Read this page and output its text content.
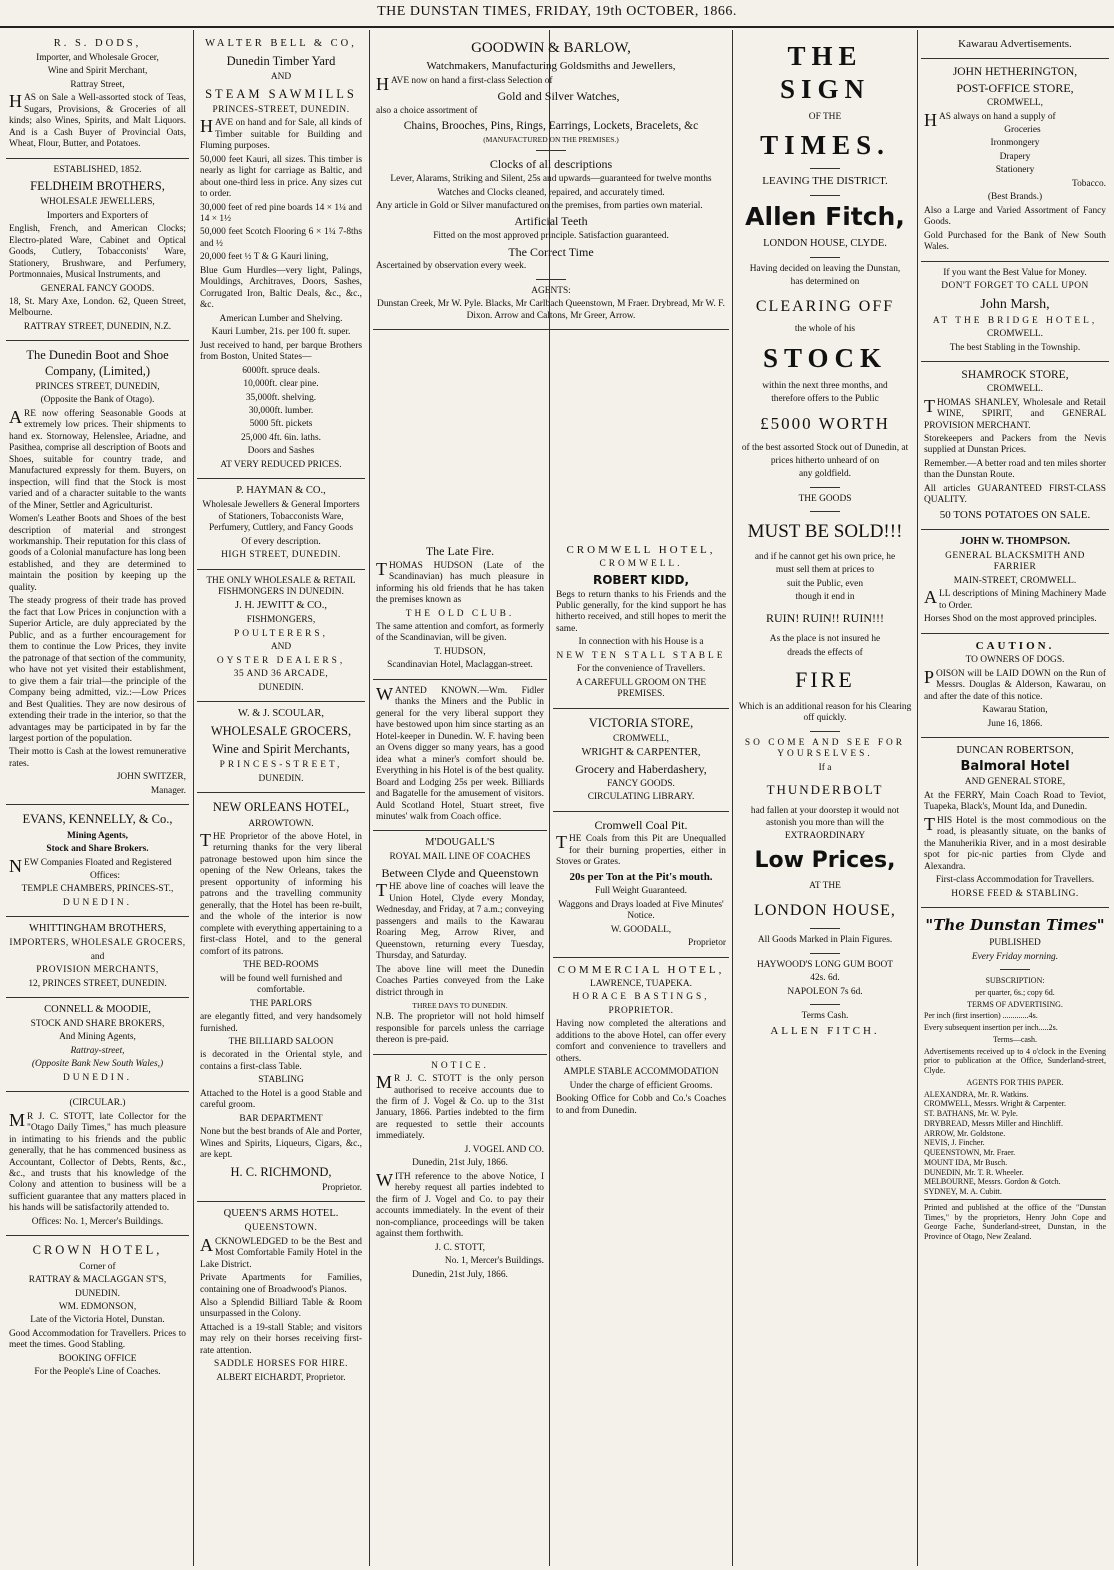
THE DUNSTAN TIMES, FRIDAY, 19th OCTOBER, 1866.
R. S. DODS,

Importer, and Wholesale Grocer,

Wine and Spirit Merchant,

Rattray Street,

HAS on Sale a Well-assorted stock of Teas, Sugars, Provisions, & Groceries of all kinds; also Wines, Spirits, and Malt Liquors. And is a Cash Buyer of Provincial Oats, Wheat, Flour, Butter, and Potatoes.

ESTABLISHED, 1852.

FELDHEIM BROTHERS,

WHOLESALE JEWELLERS,

Importers and Exporters of

English, French, and American Clocks; Electro-plated Ware, Cabinet and Optical Goods, Cutlery, Tobacconists' Ware, Stationery, Brushware, and Perfumery, Portmonnaies, Musical Instruments, and

GENERAL FANCY GOODS.

18, St. Mary Axe, London. 62, Queen Street, Melbourne.

RATTRAY STREET, DUNEDIN, N.Z.

The Dunedin Boot and Shoe Company, (Limited,)

PRINCES STREET, DUNEDIN,

(Opposite the Bank of Otago).

ARE now offering Seasonable Goods at extremely low prices. Their shipments to hand ex. Stornoway, Helenslee, Ariadne, and Pasithea, comprise all description of Boots and Shoes, suitable for country trade, and Manufactured expressly for them. Buyers, on inspection, will find that the Stock is most varied and of a character suitable to the wants of the Miner, Settler and Agriculturist.

Women's Leather Boots and Shoes of the best description of material and strongest workmanship. Their reputation for this class of goods of a Colonial manufacture has long been established, and they are determined to maintain the position by keeping up the quality.

The steady progress of their trade has proved the fact that Low Prices in conjunction with a Superior Article, are duly appreciated by the Public, and as a further encouragement for them to continue the Low Prices, they invite the patronage of that section of the community, who have not yet visited their establishment, to give them a fair trial—the principle of the Company being admitted, viz.:—Low Prices and Best Qualities. They are now desirous of extending their trade in the interior, so that the advantages may be participated in by far the largest portion of the population.

Their motto is Cash at the lowest remunerative rates.

JOHN SWITZER,

Manager.

EVANS, KENNELLY, & Co.,

Mining Agents,

Stock and Share Brokers.

NEW Companies Floated and Registered

Offices:

TEMPLE CHAMBERS, PRINCES-ST.,

DUNEDIN.

WHITTINGHAM BROTHERS,

IMPORTERS, WHOLESALE GROCERS,

and

PROVISION MERCHANTS,

12, PRINCES STREET, DUNEDIN.

CONNELL & MOODIE,

STOCK AND SHARE BROKERS,

And Mining Agents,

Rattray-street,

(Opposite Bank New South Wales,)

DUNEDIN.

(CIRCULAR.)

MR J. C. STOTT, late Collector for the "Otago Daily Times," has much pleasure in intimating to his friends and the public generally, that he has commenced business as Accountant, Collector of Debts, Rents, &c., &c., and trusts that his knowledge of the Colony and attention to business will be a sufficient guarantee that any matters placed in his hands will be satisfactorily attended to.

Offices: No. 1, Mercer's Buildings.

CROWN HOTEL,

Corner of

RATTRAY & MACLAGGAN ST'S,

DUNEDIN.

WM. EDMONSON,

Late of the Victoria Hotel, Dunstan.

Good Accommodation for Travellers. Prices to meet the times. Good Stabling.

BOOKING OFFICE

For the People's Line of Coaches.

WALTER BELL & CO,
Dunedin Timber Yard

AND

STEAM SAWMILLS

PRINCES-STREET, DUNEDIN.

HAVE on hand and for Sale, all kinds of Timber suitable for Building and Fluming purposes.

50,000 feet Kauri, all sizes. This timber is nearly as light for carriage as Baltic, and about one-third less in price. Any sizes cut to order.

30,000 feet of red pine boards 14 × 1¼ and 14 × 1½

50,000 feet Scotch Flooring 6 × 1¼ 7-8ths and ½

20,000 feet ½ T & G Kauri lining,

Blue Gum Hurdles—very light, Palings, Mouldings, Architraves, Doors, Sashes, Corrugated Iron, Baltic Deals, &c., &c., &c.

American Lumber and Shelving.

Kauri Lumber, 21s. per 100 ft. super.

Just received to hand, per barque Brothers from Boston, United States—

6000ft. spruce deals.

10,000ft. clear pine.

35,000ft. shelving.

30,000ft. lumber.

5000 5ft. pickets

25,000 4ft. 6in. laths.

Doors and Sashes

AT VERY REDUCED PRICES.

P. HAYMAN & CO.,

Wholesale Jewellers & General Importers of Stationers, Tobacconists Ware, Perfumery, Cuttlery, and Fancy Goods

Of every description.

HIGH STREET, DUNEDIN.

THE ONLY WHOLESALE & RETAIL FISHMONGERS IN DUNEDIN.

J. H. JEWITT & CO.,

FISHMONGERS,

POULTERERS,

AND

OYSTER DEALERS,

35 AND 36 ARCADE,

DUNEDIN.

W. & J. SCOULAR,
WHOLESALE GROCERS,
Wine and Spirit Merchants,

PRINCES-STREET,

DUNEDIN.

NEW ORLEANS HOTEL,

ARROWTOWN.

THE Proprietor of the above Hotel, in returning thanks for the very liberal patronage bestowed upon him since the opening of the New Orleans, takes the present opportunity of informing his patrons and the travelling community generally, that the Hotel has been re-built, and the whole of the interior is now complete with everything appertaining to a first-class Hotel, and to the general comfort of its patrons.

THE BED-ROOMS

will be found well furnished and comfortable.

THE PARLORS

are elegantly fitted, and very handsomely furnished.

THE BILLIARD SALOON

is decorated in the Oriental style, and contains a first-class Table.

STABLING

Attached to the Hotel is a good Stable and careful groom.

BAR DEPARTMENT

None but the best brands of Ale and Porter, Wines and Spirits, Liqueurs, Cigars, &c., are kept.

H. C. RICHMOND,

Proprietor.

QUEEN'S ARMS HOTEL.

QUEENSTOWN.

ACKNOWLEDGED to be the Best and Most Comfortable Family Hotel in the Lake District.

Private Apartments for Families, containing one of Broadwood's Pianos.

Also a Splendid Billiard Table & Room unsurpassed in the Colony.

Attached is a 19-stall Stable; and visitors may rely on their horses receiving first-rate attention.

SADDLE HORSES FOR HIRE.

ALBERT EICHARDT, Proprietor.

GOODWIN & BARLOW,

Watchmakers, Manufacturing Goldsmiths and Jewellers,

HAVE now on hand a first-class Selection of

Gold and Silver Watches,

also a choice assortment of

Chains, Brooches, Pins, Rings, Earrings, Lockets, Bracelets, &c

(MANUFACTURED ON THE PREMISES.)

Clocks of all descriptions

Lever, Alarams, Striking and Silent, 25s and upwards—guaranteed for twelve months

Watches and Clocks cleaned, repaired, and accurately timed.

Any article in Gold or Silver manufactured on the premises, from parties own material.

Artificial Teeth

Fitted on the most approved principle. Satisfaction guaranteed.

The Correct Time

Ascertained by observation every week.

AGENTS:

Dunstan Creek, Mr W. Pyle. Blacks, Mr Carlbach Queenstown, M Fraer. Drybread, Mr W. F. Dixon. Arrow and Caltons, Mr Greer, Arrow.

The Late Fire.

THOMAS HUDSON (Late of the Scandinavian) has much pleasure in informing his old friends that he has taken the premises known as

THE OLD CLUB.

The same attention and comfort, as formerly of the Scandinavian, will be given.

T. HUDSON,

Scandinavian Hotel, Maclaggan-street.

WANTED KNOWN.—Wm. Fidler thanks the Miners and the Public in general for the very liberal support they have bestowed upon him since starting as an Hotel-keeper in Dunedin. W. F. having been an Ovens digger so many years, has a good idea what a miner's comfort should be. Everything in his Hotel is of the best quality. Board and Lodging 25s per week. Billiards and Bagatelle for the amusement of visitors. Auld Scotland Hotel, Stuart street, five minutes' walk from Coach office.

M'DOUGALL'S

ROYAL MAIL LINE OF COACHES

Between Clyde and Queenstown

THE above line of coaches will leave the Union Hotel, Clyde every Monday, Wednesday, and Friday, at 7 a.m.; conveying passengers and mails to the Kawarau Roaring Meg, Arrow River, and Queenstown, returning every Tuesday, Thursday, and Saturday.

The above line will meet the Dunedin Coaches Parties conveyed from the Lake district through in

THREE DAYS TO DUNEDIN.

N.B. The proprietor will not hold himself responsible for parcels unless the carriage thereon is pre-paid.

NOTICE.

MR J. C. STOTT is the only person authorised to receive accounts due to the firm of J. Vogel & Co. up to the 31st January, 1866. Parties indebted to the firm are requested to settle their accounts immediately.

J. VOGEL AND CO.

Dunedin, 21st July, 1866.

WITH reference to the above Notice, I hereby request all parties indebted to the firm of J. Vogel and Co. to pay their accounts immediately. In the event of their non-compliance, proceedings will be taken against them forthwith.

J. C. STOTT,

No. 1, Mercer's Buildings.

Dunedin, 21st July, 1866.

CROMWELL HOTEL,

CROMWELL.

ROBERT KIDD,

Begs to return thanks to his Friends and the Public generally, for the kind support he has hitherto received, and still hopes to merit the same.

In connection with his House is a

NEW TEN STALL STABLE

For the convenience of Travellers.

A CAREFULL GROOM ON THE PREMISES.

VICTORIA STORE,

CROMWELL,

WRIGHT & CARPENTER,
Grocery and Haberdashery,

FANCY GOODS.

CIRCULATING LIBRARY.

Cromwell Coal Pit.

THE Coals from this Pit are Unequalled for their burning properties, either in Stoves or Grates.

20s per Ton at the Pit's mouth.

Full Weight Guaranteed.

Waggons and Drays loaded at Five Minutes' Notice.

W. GOODALL,

Proprietor

COMMERCIAL HOTEL,

LAWRENCE, TUAPEKA.

HORACE BASTINGS,

PROPRIETOR.

Having now completed the alterations and additions to the above Hotel, can offer every comfort and convenience to travellers and others.

AMPLE STABLE ACCOMMODATION

Under the charge of efficient Grooms.

Booking Office for Cobb and Co.'s Coaches to and from Dunedin.

THE SIGN

OF THE

TIMES.

LEAVING THE DISTRICT.

Allen Fitch,

LONDON HOUSE, CLYDE.

Having decided on leaving the Dunstan,

has determined on

CLEARING OFF

the whole of his

STOCK

within the next three months, and

therefore offers to the Public

£5000 WORTH

of the best assorted Stock out of Dunedin, at

prices hitherto unheard of on

any goldfield.

THE GOODS

MUST BE SOLD!!!

and if he cannot get his own price, he

must sell them at prices to

suit the Public, even

though it end in

RUIN! RUIN!! RUIN!!!

As the place is not insured he

dreads the effects of

FIRE

Which is an additional reason for his Clearing off quickly.

SO COME AND SEE FOR YOURSELVES.

If a

THUNDERBOLT

had fallen at your doorstep it would not astonish you more than will the

EXTRAORDINARY

Low Prices,

AT THE

LONDON HOUSE,

All Goods Marked in Plain Figures.

HAYWOOD'S LONG GUM BOOT

42s. 6d.

NAPOLEON 7s 6d.

Terms Cash.

ALLEN FITCH.

Kawarau Advertisements.

JOHN HETHERINGTON,
POST-OFFICE STORE,

CROMWELL,

HAS always on hand a supply of

Groceries

Ironmongery

Drapery

Stationery

Tobacco.

(Best Brands.)

Also a Large and Varied Assortment of Fancy Goods.

Gold Purchased for the Bank of New South Wales.

If you want the Best Value for Money.

DON'T FORGET TO CALL UPON

John Marsh,

AT THE BRIDGE HOTEL,

CROMWELL.

The best Stabling in the Township.

SHAMROCK STORE,

CROMWELL.

THOMAS SHANLEY, Wholesale and Retail WINE, SPIRIT, and GENERAL PROVISION MERCHANT.

Storekeepers and Packers from the Nevis supplied at Dunstan Prices.

Remember.—A better road and ten miles shorter than the Dunstan Route.

All articles GUARANTEED FIRST-CLASS QUALITY.

50 TONS POTATOES ON SALE.

JOHN W. THOMPSON.

GENERAL BLACKSMITH AND FARRIER

MAIN-STREET, CROMWELL.

ALL descriptions of Mining Machinery Made to Order.

Horses Shod on the most approved principles.

CAUTION.

TO OWNERS OF DOGS.

POISON will be LAID DOWN on the Run of Messrs. Douglas & Alderson, Kawarau, on and after the date of this notice.

Kawarau Station,

June 16, 1866.

DUNCAN ROBERTSON,

Balmoral Hotel

AND GENERAL STORE,

At the FERRY, Main Coach Road to Teviot, Tuapeka, Black's, Mount Ida, and Dunedin.

THIS Hotel is the most commodious on the road, is pleasantly situate, on the banks of the Manuherikia River, and in a most desirable spot for pic-nic parties from Clyde and Alexandra.

First-class Accommodation for Travellers.

HORSE FEED & STABLING.

"The Dunstan Times"

PUBLISHED

Every Friday morning.

SUBSCRIPTION:

per quarter, 6s.; copy 6d.

TERMS OF ADVERTISING.

Per inch (first insertion) .............4s.

Every subsequent insertion per inch.....2s.

Terms—cash.

Advertisements received up to 4 o'clock in the Evening prior to publication at the Office, Sunderland-street, Clyde.

AGENTS FOR THIS PAPER.

ALEXANDRA, Mr. R. Watkins.
CROMWELL, Messrs. Wright & Carpenter.
ST. BATHANS, Mr. W. Pyle.
DRYBREAD, Messrs Miller and Hinchliff.
ARROW, Mr. Goldstone.
NEVIS, J. Fincher.
QUEENSTOWN, Mr. Fraer.
MOUNT IDA, Mr Busch.
DUNEDIN, Mr. T. R. Wheeler.
MELBOURNE, Messrs. Gordon & Gotch.
SYDNEY, M. A. Cubitt.

Printed and published at the office of the "Dunstan Times," by the proprietors, Henry John Cope and George Fache, Sunderland-street, Dunstan, in the Province of Otago, New Zealand.
